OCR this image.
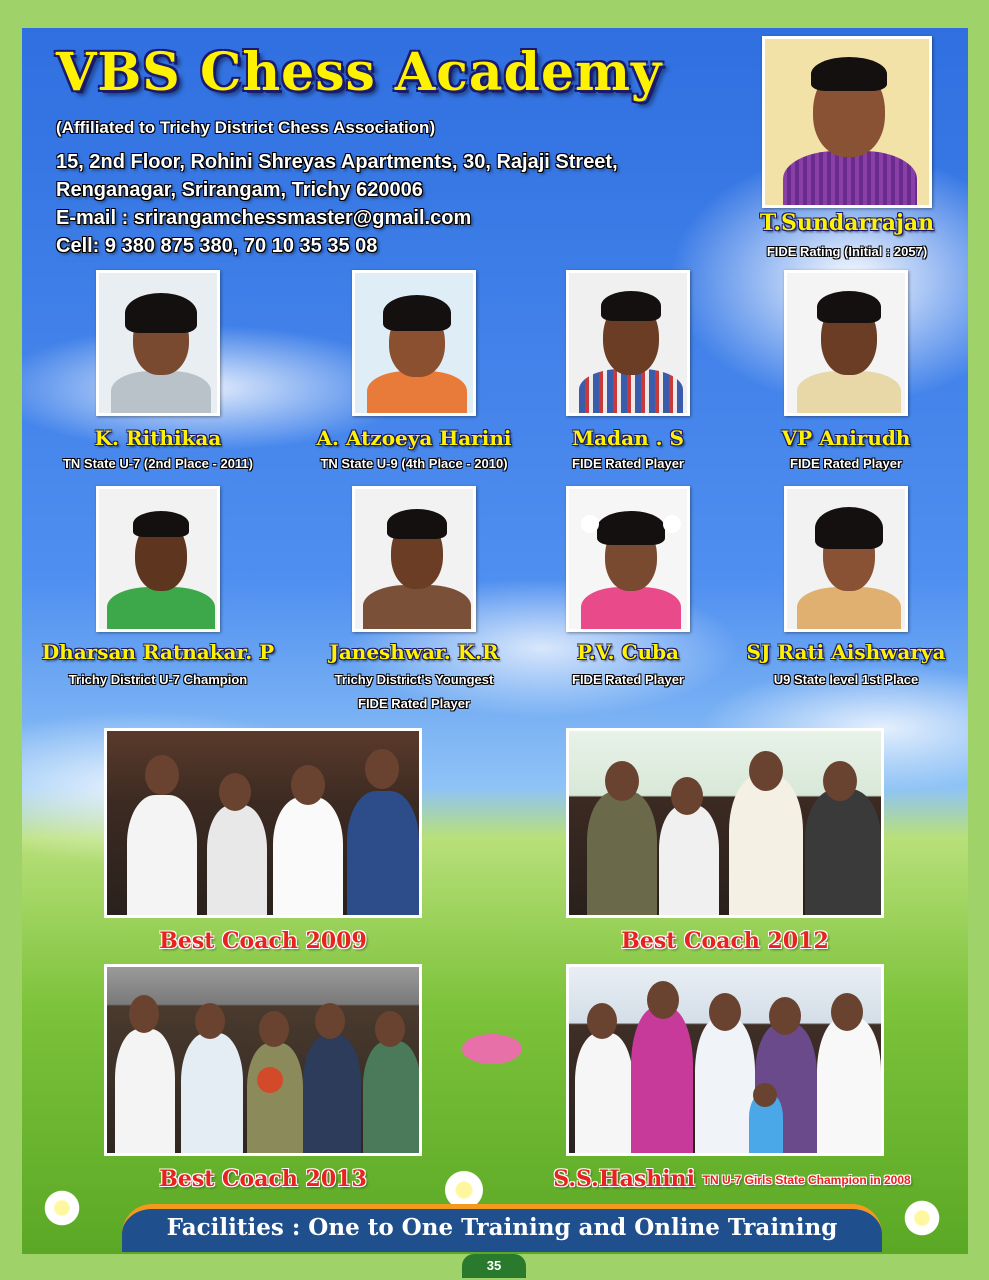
VBS Chess Academy
(Affiliated to Trichy District Chess Association)
15, 2nd Floor, Rohini Shreyas Apartments, 30, Rajaji Street,
Renganagar, Srirangam, Trichy 620006
E-mail : srirangamchessmaster@gmail.com
Cell: 9 380 875 380, 70 10 35 35 08
T.Sundarrajan
FIDE Rating (Initial : 2057)
K. Rithikaa
TN State U-7 (2nd Place - 2011)
A. Atzoeya Harini
TN State U-9 (4th Place - 2010)
Madan . S
FIDE Rated Player
VP Anirudh
FIDE Rated Player
Dharsan Ratnakar. P
Trichy District U-7 Champion
Janeshwar. K.R
Trichy District's Youngest
FIDE Rated Player
P.V. Cuba
FIDE Rated Player
SJ Rati Aishwarya
U9 State level 1st Place
Best Coach 2009	Best Coach 2012
Best Coach 2013	S.S.Hashini TN U-7 Girls State Champion in 2008
Facilities : One to One Training and Online Training
35
